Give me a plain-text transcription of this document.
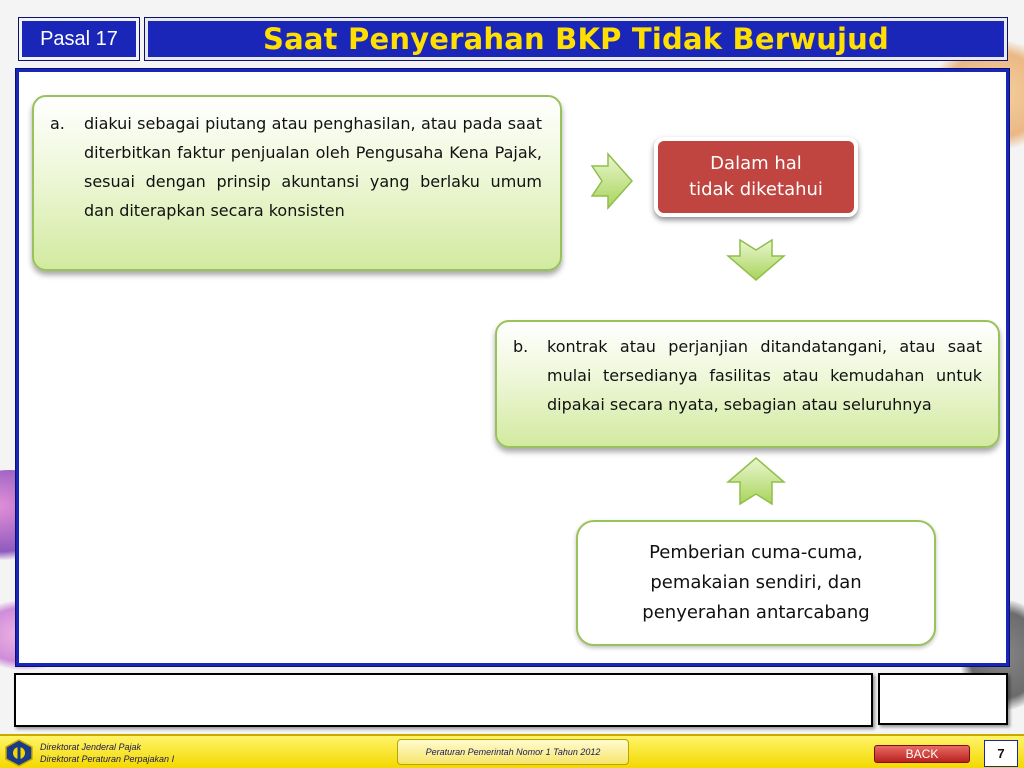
Pasal 17	Saat Penyerahan BKP Tidak Berwujud
a.	diakui sebagai piutang atau penghasilan, atau pada saat diterbitkan faktur penjualan oleh Pengusaha Kena Pajak, sesuai dengan prinsip akuntansi yang berlaku umum dan diterapkan secara konsisten
Dalam hal
tidak diketahui
b.	kontrak atau perjanjian ditandatangani, atau saat mulai tersedianya fasilitas atau kemudahan untuk dipakai secara nyata, sebagian atau seluruhnya
Pemberian cuma-cuma,
pemakaian sendiri, dan
penyerahan antarcabang
Direktorat Jenderal Pajak
Direktorat Peraturan Perpajakan I
Peraturan Pemerintah Nomor 1 Tahun 2012	BACK	7
